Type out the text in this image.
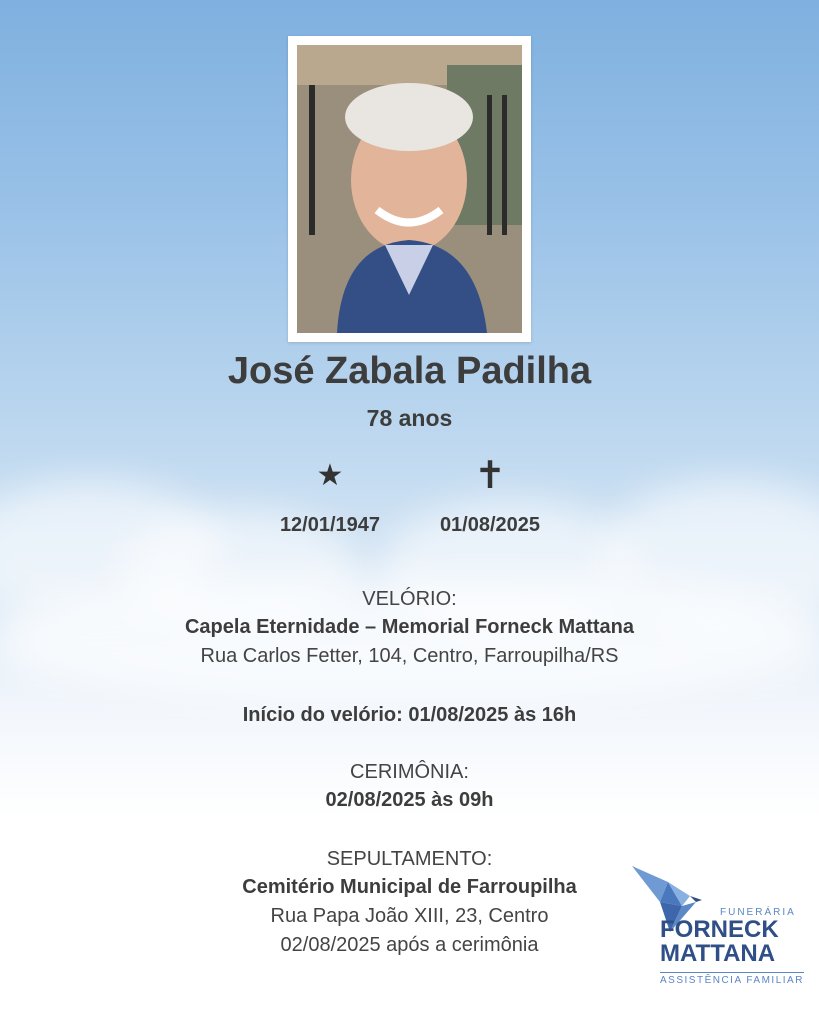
José Zabala Padilha
78 anos
★	✝
12/01/1947	01/08/2025
VELÓRIO:
Capela Eternidade – Memorial Forneck Mattana
Rua Carlos Fetter, 104, Centro, Farroupilha/RS
Início do velório: 01/08/2025 às 16h
CERIMÔNIA:
02/08/2025 às 09h
SEPULTAMENTO:
Cemitério Municipal de Farroupilha
Rua Papa João XIII, 23, Centro
02/08/2025 após a cerimônia
FUNERÁRIA
FORNECK
MATTANA
ASSISTÊNCIA FAMILIAR
